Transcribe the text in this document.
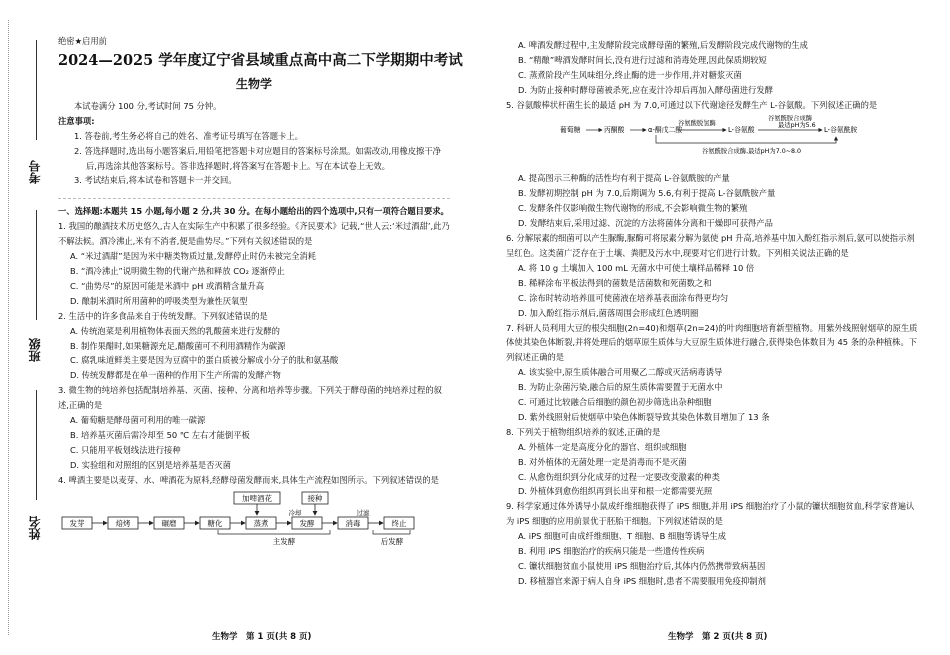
考号
班级
姓名

绝密★启用前

2024—2025 学年度辽宁省县域重点高中高二下学期期中考试
生物学

本试卷满分 100 分,考试时间 75 分钟。

注意事项:

1. 答卷前,考生务必将自己的姓名、准考证号填写在答题卡上。

2. 答选择题时,选出每小题答案后,用铅笔把答题卡对应题目的答案标号涂黑。如需改动,用橡皮擦干净后,再选涂其他答案标号。答非选择题时,将答案写在答题卡上。写在本试卷上无效。

3. 考试结束后,将本试卷和答题卡一并交回。

一、选择题:本题共 15 小题,每小题 2 分,共 30 分。在每小题给出的四个选项中,只有一项符合题目要求。

1. 我国的酿酒技术历史悠久,古人在实际生产中积累了很多经验。《齐民要术》记载,“世人云:‘米过酒甜’,此乃不解法候。酒冷沸止,米有不消者,便是曲势尽。”下列有关叙述错误的是

A. “米过酒甜”是因为米中糖类物质过量,发酵停止时仍未被完全消耗

B. “酒冷沸止”说明微生物的代谢产热和释放 CO₂ 逐渐停止

C. “曲势尽”的原因可能是米酒中 pH 或酒精含量升高

D. 酿制米酒时所用菌种的呼吸类型为兼性厌氧型

2. 生活中的许多食品来自于传统发酵。下列叙述错误的是

A. 传统泡菜是利用植物体表面天然的乳酸菌来进行发酵的

B. 制作果醋时,如果糖源充足,醋酸菌可不利用酒精作为碳源

C. 腐乳味道鲜美主要是因为豆腐中的蛋白质被分解成小分子的肽和氨基酸

D. 传统发酵都是在单一菌种的作用下生产所需的发酵产物

3. 微生物的纯培养包括配制培养基、灭菌、接种、分离和培养等步骤。下列关于酵母菌的纯培养过程的叙述,正确的是

A. 葡萄糖是酵母菌可利用的唯一碳源

B. 培养基灭菌后需冷却至 50 ℃ 左右才能倒平板

C. 只能用平板划线法进行接种

D. 实验组和对照组的区别是培养基是否灭菌

4. 啤酒主要是以麦芽、水、啤酒花为原料,经酵母菌发酵而来,具体生产流程如图所示。下列叙述错误的是

发芽	焙烤	碾磨	糖化	蒸煮	发酵	消毒	终止
加啤酒花	接种
冷却	过滤
主发酵	后发酵

A. 啤酒发酵过程中,主发酵阶段完成酵母菌的繁殖,后发酵阶段完成代谢物的生成

B. “精酿”啤酒发酵时间长,没有进行过滤和消毒处理,因此保质期较短

C. 蒸煮阶段产生风味组分,终止酶的进一步作用,并对糖浆灭菌

D. 为防止接种时酵母菌被杀死,应在麦汁冷却后再加入酵母菌进行发酵

5. 谷氨酸棒状杆菌生长的最适 pH 为 7.0,可通过以下代谢途径发酵生产 L-谷氨酸。下列叙述正确的是

葡萄糖	丙酮酸	α-酮戊二酸
谷氨酸脱氢酶
L-谷氨酸
谷氨酰胺合成酶
最适pH为5.6
L-谷氨酰胺
谷氨酰胺合成酶,最适pH为7.0~8.0

A. 提高图示三种酶的活性均有利于提高 L-谷氨酰胺的产量

B. 发酵初期控制 pH 为 7.0,后期调为 5.6,有利于提高 L-谷氨酰胺产量

C. 发酵条件仅影响微生物代谢物的形成,不会影响微生物的繁殖

D. 发酵结束后,采用过滤、沉淀的方法将菌体分离和干燥即可获得产品

6. 分解尿素的细菌可以产生脲酶,脲酶可将尿素分解为氨使 pH 升高,培养基中加入酚红指示剂后,氨可以使指示剂呈红色。这类菌广泛存在于土壤、粪肥及污水中,现要对它们进行计数。下列相关说法正确的是

A. 将 10 g 土壤加入 100 mL 无菌水中可使土壤样品稀释 10 倍

B. 稀释涂布平板法得到的菌数是活菌数和死菌数之和

C. 涂布时转动培养皿可使菌液在培养基表面涂布得更均匀

D. 加入酚红指示剂后,菌落周围会形成红色透明圈

7. 科研人员利用大豆的根尖细胞(2n=40)和烟草(2n=24)的叶肉细胞培育新型植物。用紫外线照射烟草的原生质体使其染色体断裂,并将处理后的烟草原生质体与大豆原生质体进行融合,获得染色体数目为 45 条的杂种植株。下列叙述正确的是

A. 该实验中,原生质体融合可用聚乙二醇或灭活病毒诱导

B. 为防止杂菌污染,融合后的原生质体需要置于无菌水中

C. 可通过比较融合后细胞的颜色初步筛选出杂种细胞

D. 紫外线照射后使烟草中染色体断裂导致其染色体数目增加了 13 条

8. 下列关于植物组织培养的叙述,正确的是

A. 外植体一定是高度分化的器官、组织或细胞

B. 对外植体的无菌处理一定是消毒而不是灭菌

C. 从愈伤组织到分化成芽的过程一定要改变激素的种类

D. 外植体到愈伤组织再到长出芽和根一定都需要光照

9. 科学家通过体外诱导小鼠成纤维细胞获得了 iPS 细胞,并用 iPS 细胞治疗了小鼠的镰状细胞贫血,科学家普遍认为 iPS 细胞的应用前景优于胚胎干细胞。下列叙述错误的是

A. iPS 细胞可由成纤维细胞、T 细胞、B 细胞等诱导生成

B. 利用 iPS 细胞治疗的疾病只能是一些遗传性疾病

C. 镰状细胞贫血小鼠使用 iPS 细胞治疗后,其体内仍然携带致病基因

D. 移植器官来源于病人自身 iPS 细胞时,患者不需要服用免疫抑制剂

生物学　第 1 页(共 8 页)	生物学　第 2 页(共 8 页)
